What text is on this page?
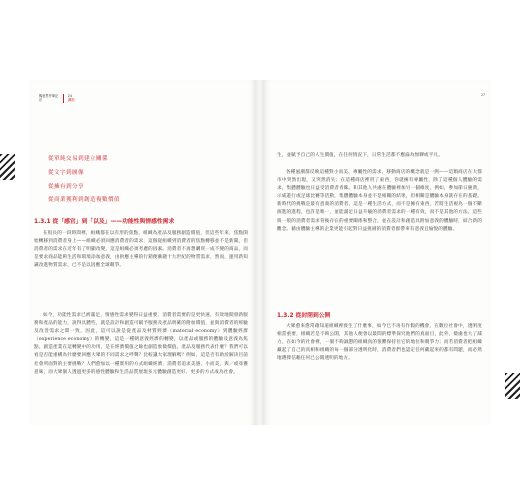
暢意思考筆記法
24
擴散
從單純交易到建立關係
從文字到圖像
從擁有到分享
從商業獲利到創造複數價值
1.3.1 從「感官」到「以及」——功能性與情感性需求

在很長的一段時間裡，組織都在以有形的焦點，組織為產品及服務創造價值，但這些年來，焦點開始轉移到消費者身上——組織必須回應消費者的需求，這個從組織到消費者的焦點轉移並不是新聞，但消費者的需求在近年有了明顯改變，這是組織必須考慮的因素。消費者不再想購買一成不變的商品，而是要求商品能夠生活和環境添加意義，由供應主導的行銷便漸趨十九世紀的物質需求，然而，運用新知識改進物質需求，已不是以因應全球競爭。

如今，功能性需求已被滿足，情感性需求變得日益重要，消費者需要的是更快速、有效地開發新服務和產品的能力，說得具體些，就是設計和創造可賦予服務及產品明確的附加價值，並與消費者的經驗及改善需求之間一致，因此，這可以說是從產品及材質經濟（material economy）到體驗經濟（experience economy）的轉變，這是一種朝意義經濟的轉變，以產品或服務的體驗及意義為焦點，創造產業在這轉變中的功用，是在經濟價值之餘也創造象徵價值。產品及服務代表什麼？我們可以看是否能重構為什麼要回應大眾的不同需求之呼聲？比較讓大家理解嗎？例如，這是否有助於解決目前社會所面對的主要挑戰？人們愈加以一種實用的方式組織經濟，消費者追求美感、小而美，與／或尋獲意味，而大眾個人透過更多的感性體驗和生活品質展現多元體驗創造更好、更多的方式成為社會。

27

生，並賦予自己的人生價值，在任何情況下，日常生活都不應淪為無聊或平凡。

各種風潮都反映這種對小而美、專屬性的需求，移動商店的概念就是一例——這類商店在大都市中突然出現，又突然消失；在這種商店裡買了東西，你就擁有專屬性，除了這種個人體驗的需求，集體體驗也日益受消費者青睞。和其他人共處在體驗裡加另一個維度。例如，參加節日慶典，示威遊行或足球比賽等活動，集體體驗本身並不是相關的結果，但相關是體驗本身就存在的基礎。新時代的挑戰是最有意義的消費者，這是一種生活方式，而不是擁有東西。若將生活視為一個不斷演進的進程，也許是唯一，並能滿足日益升級的消費者需求的一種有效，而不是其他的方法。這些與一般的消費者需求背後存在的重要關係和整合，並在設計和創造具附加意義的體驗時，結合新的觀念。藉由體驗主導的企業更能引起對日益挑剔的消費者群帶來有意義且愉悅的體驗。

1.3.2 從封閉到公開

大眾愈來愈常藉知道組織裡發生了什麼事，如今已不再有作假的機會，在數位社會中，透明度相當重要，組織若是不夠公開，其他人便會以最間的標準探究他們的真面目，此外，徵處也大了減力。在如今的社會裡，一個不夠誠懇的組織真的很難保持住它的地位和競爭力；而若消費者把組織藏起了自己的真相和組織的每一個部分透明化時，消費者們也認定任何藏起來的都有問題，而必然地選擇信賴任何已公開透明的地方。
